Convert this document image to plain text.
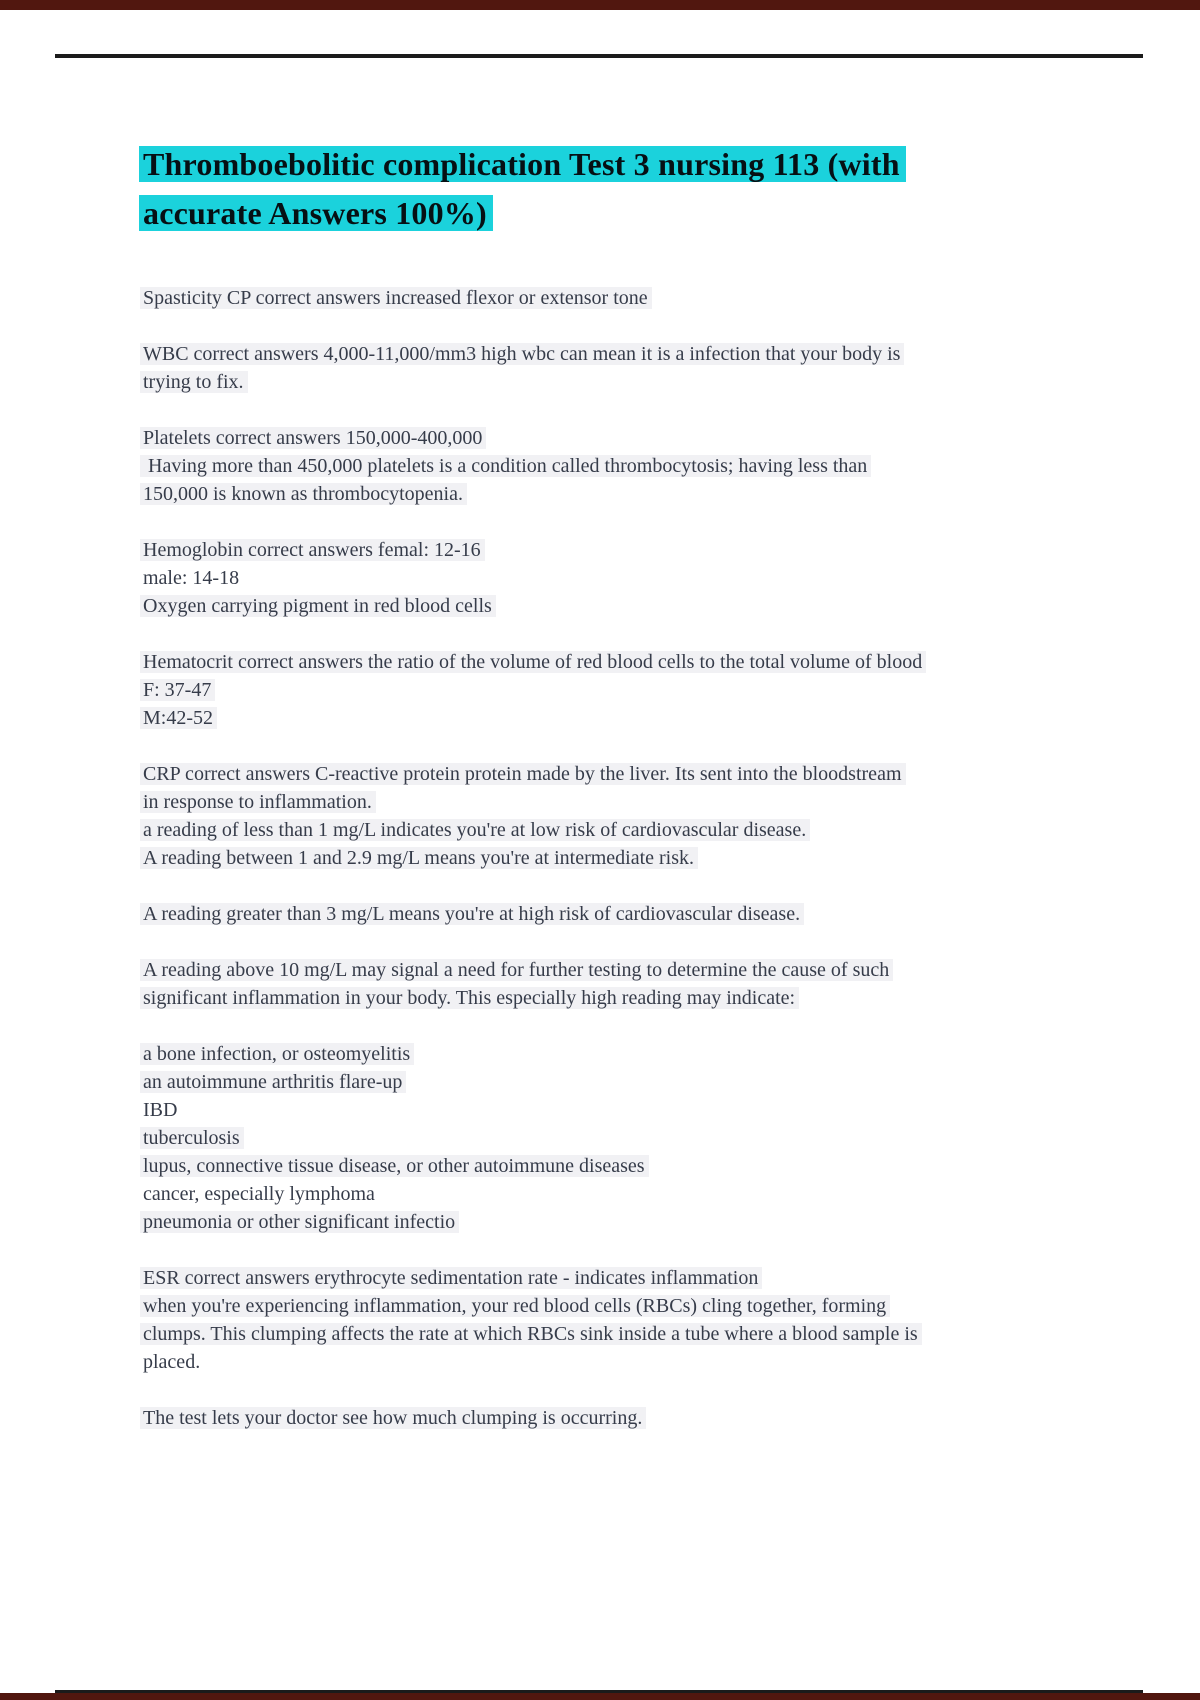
Thromboebolitic complication Test 3 nursing 113 (with
accurate Answers 100%)
Spasticity CP correct answers increased flexor or extensor tone
WBC correct answers 4,000-11,000/mm3 high wbc can mean it is a infection that your body is
trying to fix.
Platelets correct answers 150,000-400,000
Having more than 450,000 platelets is a condition called thrombocytosis; having less than
150,000 is known as thrombocytopenia.
Hemoglobin correct answers femal: 12-16
male: 14-18
Oxygen carrying pigment in red blood cells
Hematocrit correct answers the ratio of the volume of red blood cells to the total volume of blood
F: 37-47
M:42-52
CRP correct answers C-reactive protein protein made by the liver. Its sent into the bloodstream
in response to inflammation.
a reading of less than 1 mg/L indicates you're at low risk of cardiovascular disease.
A reading between 1 and 2.9 mg/L means you're at intermediate risk.
A reading greater than 3 mg/L means you're at high risk of cardiovascular disease.
A reading above 10 mg/L may signal a need for further testing to determine the cause of such
significant inflammation in your body. This especially high reading may indicate:
a bone infection, or osteomyelitis
an autoimmune arthritis flare-up
IBD
tuberculosis
lupus, connective tissue disease, or other autoimmune diseases
cancer, especially lymphoma
pneumonia or other significant infectio
ESR correct answers erythrocyte sedimentation rate - indicates inflammation
when you're experiencing inflammation, your red blood cells (RBCs) cling together, forming
clumps. This clumping affects the rate at which RBCs sink inside a tube where a blood sample is
placed.
The test lets your doctor see how much clumping is occurring.
